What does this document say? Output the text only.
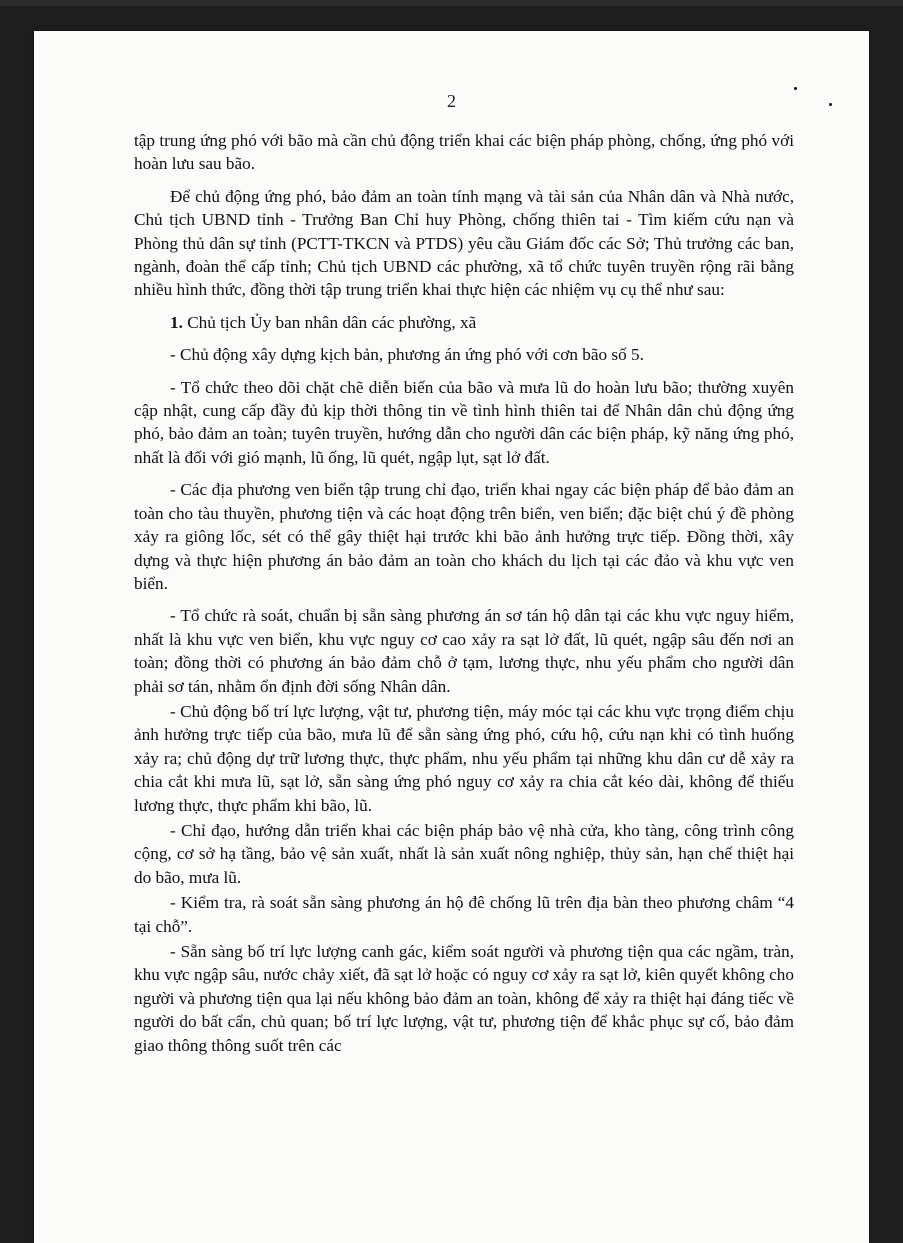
2

tập trung ứng phó với bão mà cần chủ động triển khai các biện pháp phòng, chống, ứng phó với hoàn lưu sau bão.

Để chủ động ứng phó, bảo đảm an toàn tính mạng và tài sản của Nhân dân và Nhà nước, Chủ tịch UBND tỉnh - Trưởng Ban Chỉ huy Phòng, chống thiên tai - Tìm kiếm cứu nạn và Phòng thủ dân sự tỉnh (PCTT-TKCN và PTDS) yêu cầu Giám đốc các Sở; Thủ trưởng các ban, ngành, đoàn thể cấp tỉnh; Chủ tịch UBND các phường, xã tổ chức tuyên truyền rộng rãi bằng nhiều hình thức, đồng thời tập trung triển khai thực hiện các nhiệm vụ cụ thể như sau:

1. Chủ tịch Ủy ban nhân dân các phường, xã

- Chủ động xây dựng kịch bản, phương án ứng phó với cơn bão số 5.

- Tổ chức theo dõi chặt chẽ diễn biến của bão và mưa lũ do hoàn lưu bão; thường xuyên cập nhật, cung cấp đầy đủ kịp thời thông tin về tình hình thiên tai để Nhân dân chủ động ứng phó, bảo đảm an toàn; tuyên truyền, hướng dẫn cho người dân các biện pháp, kỹ năng ứng phó, nhất là đối với gió mạnh, lũ ống, lũ quét, ngập lụt, sạt lở đất.

- Các địa phương ven biển tập trung chỉ đạo, triển khai ngay các biện pháp để bảo đảm an toàn cho tàu thuyền, phương tiện và các hoạt động trên biển, ven biển; đặc biệt chú ý đề phòng xảy ra giông lốc, sét có thể gây thiệt hại trước khi bão ảnh hưởng trực tiếp. Đồng thời, xây dựng và thực hiện phương án bảo đảm an toàn cho khách du lịch tại các đảo và khu vực ven biển.

- Tổ chức rà soát, chuẩn bị sẵn sàng phương án sơ tán hộ dân tại các khu vực nguy hiểm, nhất là khu vực ven biển, khu vực nguy cơ cao xảy ra sạt lở đất, lũ quét, ngập sâu đến nơi an toàn; đồng thời có phương án bảo đảm chỗ ở tạm, lương thực, nhu yếu phẩm cho người dân phải sơ tán, nhằm ổn định đời sống Nhân dân.

- Chủ động bố trí lực lượng, vật tư, phương tiện, máy móc tại các khu vực trọng điểm chịu ảnh hưởng trực tiếp của bão, mưa lũ để sẵn sàng ứng phó, cứu hộ, cứu nạn khi có tình huống xảy ra; chủ động dự trữ lương thực, thực phẩm, nhu yếu phẩm tại những khu dân cư dễ xảy ra chia cắt khi mưa lũ, sạt lở, sẵn sàng ứng phó nguy cơ xảy ra chia cắt kéo dài, không để thiếu lương thực, thực phẩm khi bão, lũ.

- Chỉ đạo, hướng dẫn triển khai các biện pháp bảo vệ nhà cửa, kho tàng, công trình công cộng, cơ sở hạ tầng, bảo vệ sản xuất, nhất là sản xuất nông nghiệp, thủy sản, hạn chế thiệt hại do bão, mưa lũ.

- Kiểm tra, rà soát sẵn sàng phương án hộ đê chống lũ trên địa bàn theo phương châm “4 tại chỗ”.

- Sẵn sàng bố trí lực lượng canh gác, kiểm soát người và phương tiện qua các ngầm, tràn, khu vực ngập sâu, nước chảy xiết, đã sạt lở hoặc có nguy cơ xảy ra sạt lở, kiên quyết không cho người và phương tiện qua lại nếu không bảo đảm an toàn, không để xảy ra thiệt hại đáng tiếc về người do bất cẩn, chủ quan; bố trí lực lượng, vật tư, phương tiện để khắc phục sự cố, bảo đảm giao thông thông suốt trên các
